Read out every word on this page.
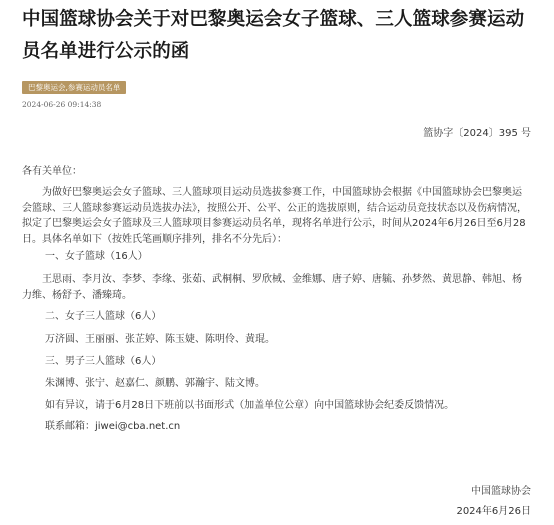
中国篮球协会关于对巴黎奥运会女子篮球、三人篮球参赛运动员名单进行公示的函
巴黎奥运会,参赛运动员名单
2024-06-26 09:14:38
篮协字〔2024〕395 号

各有关单位：

为做好巴黎奥运会女子篮球、三人篮球项目运动员选拔参赛工作，中国篮球协会根据《中国篮球协会巴黎奥运会篮球、三人篮球参赛运动员选拔办法》，按照公开、公平、公正的选拔原则，结合运动员竞技状态以及伤病情况，拟定了巴黎奥运会女子篮球及三人篮球项目参赛运动员名单，现将名单进行公示，时间从2024年6月26日至6月28日。具体名单如下（按姓氏笔画顺序排列，排名不分先后）：

一、女子篮球（16人）

王思雨、李月汝、李梦、李缘、张茹、武桐桐、罗欣棫、金维娜、唐子婷、唐毓、孙梦然、黄思静、韩旭、杨力维、杨舒予、潘臻琦。

二、女子三人篮球（6人）

万济圆、王丽丽、张芷婷、陈玉婕、陈明伶、黄琨。

三、男子三人篮球（6人）

朱渊博、张宁、赵嘉仁、颜鹏、郭瀚宇、陆文博。

如有异议，请于6月28日下班前以书面形式（加盖单位公章）向中国篮球协会纪委反馈情况。

联系邮箱：jiwei@cba.net.cn

中国篮球协会
2024年6月26日
